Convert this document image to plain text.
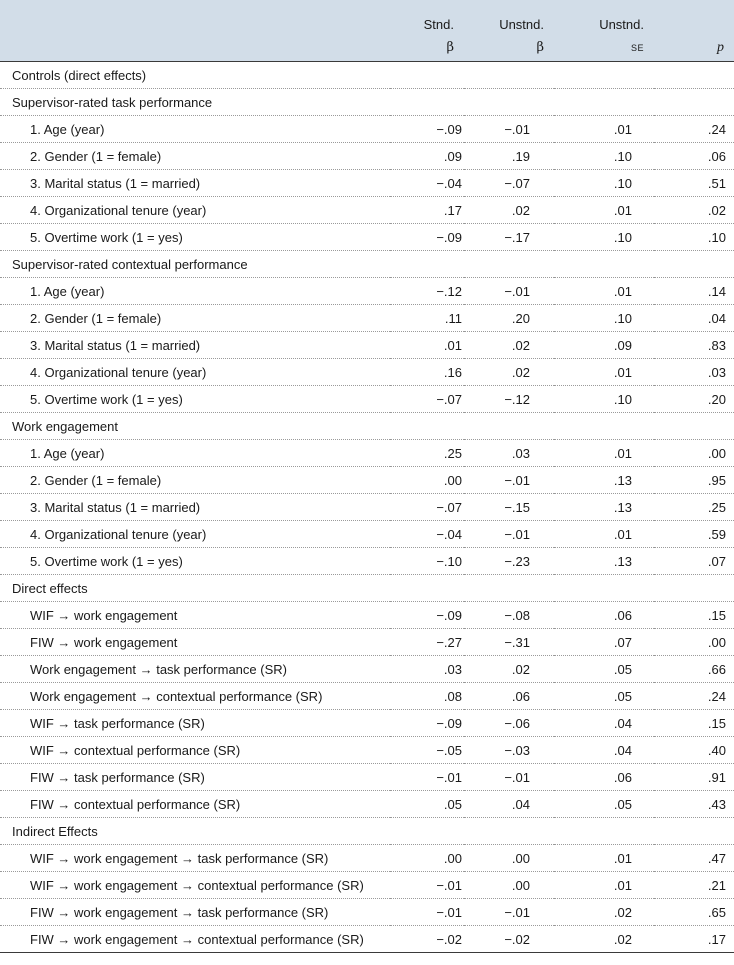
	Stnd.	Unstnd.	Unstnd.	
	β	β	SE	p
Controls (direct effects)				
Supervisor-rated task performance				
1. Age (year)	−.09	−.01	.01	.24
2. Gender (1 = female)	.09	.19	.10	.06
3. Marital status (1 = married)	−.04	−.07	.10	.51
4. Organizational tenure (year)	.17	.02	.01	.02
5. Overtime work (1 = yes)	−.09	−.17	.10	.10
Supervisor-rated contextual performance				
1. Age (year)	−.12	−.01	.01	.14
2. Gender (1 = female)	.11	.20	.10	.04
3. Marital status (1 = married)	.01	.02	.09	.83
4. Organizational tenure (year)	.16	.02	.01	.03
5. Overtime work (1 = yes)	−.07	−.12	.10	.20
Work engagement				
1. Age (year)	.25	.03	.01	.00
2. Gender (1 = female)	.00	−.01	.13	.95
3. Marital status (1 = married)	−.07	−.15	.13	.25
4. Organizational tenure (year)	−.04	−.01	.01	.59
5. Overtime work (1 = yes)	−.10	−.23	.13	.07
Direct effects				
WIF → work engagement	−.09	−.08	.06	.15
FIW → work engagement	−.27	−.31	.07	.00
Work engagement → task performance (SR)	.03	.02	.05	.66
Work engagement → contextual performance (SR)	.08	.06	.05	.24
WIF → task performance (SR)	−.09	−.06	.04	.15
WIF → contextual performance (SR)	−.05	−.03	.04	.40
FIW → task performance (SR)	−.01	−.01	.06	.91
FIW → contextual performance (SR)	.05	.04	.05	.43
Indirect Effects				
WIF → work engagement → task performance (SR)	.00	.00	.01	.47
WIF → work engagement → contextual performance (SR)	−.01	.00	.01	.21
FIW → work engagement → task performance (SR)	−.01	−.01	.02	.65
FIW → work engagement → contextual performance (SR)	−.02	−.02	.02	.17
